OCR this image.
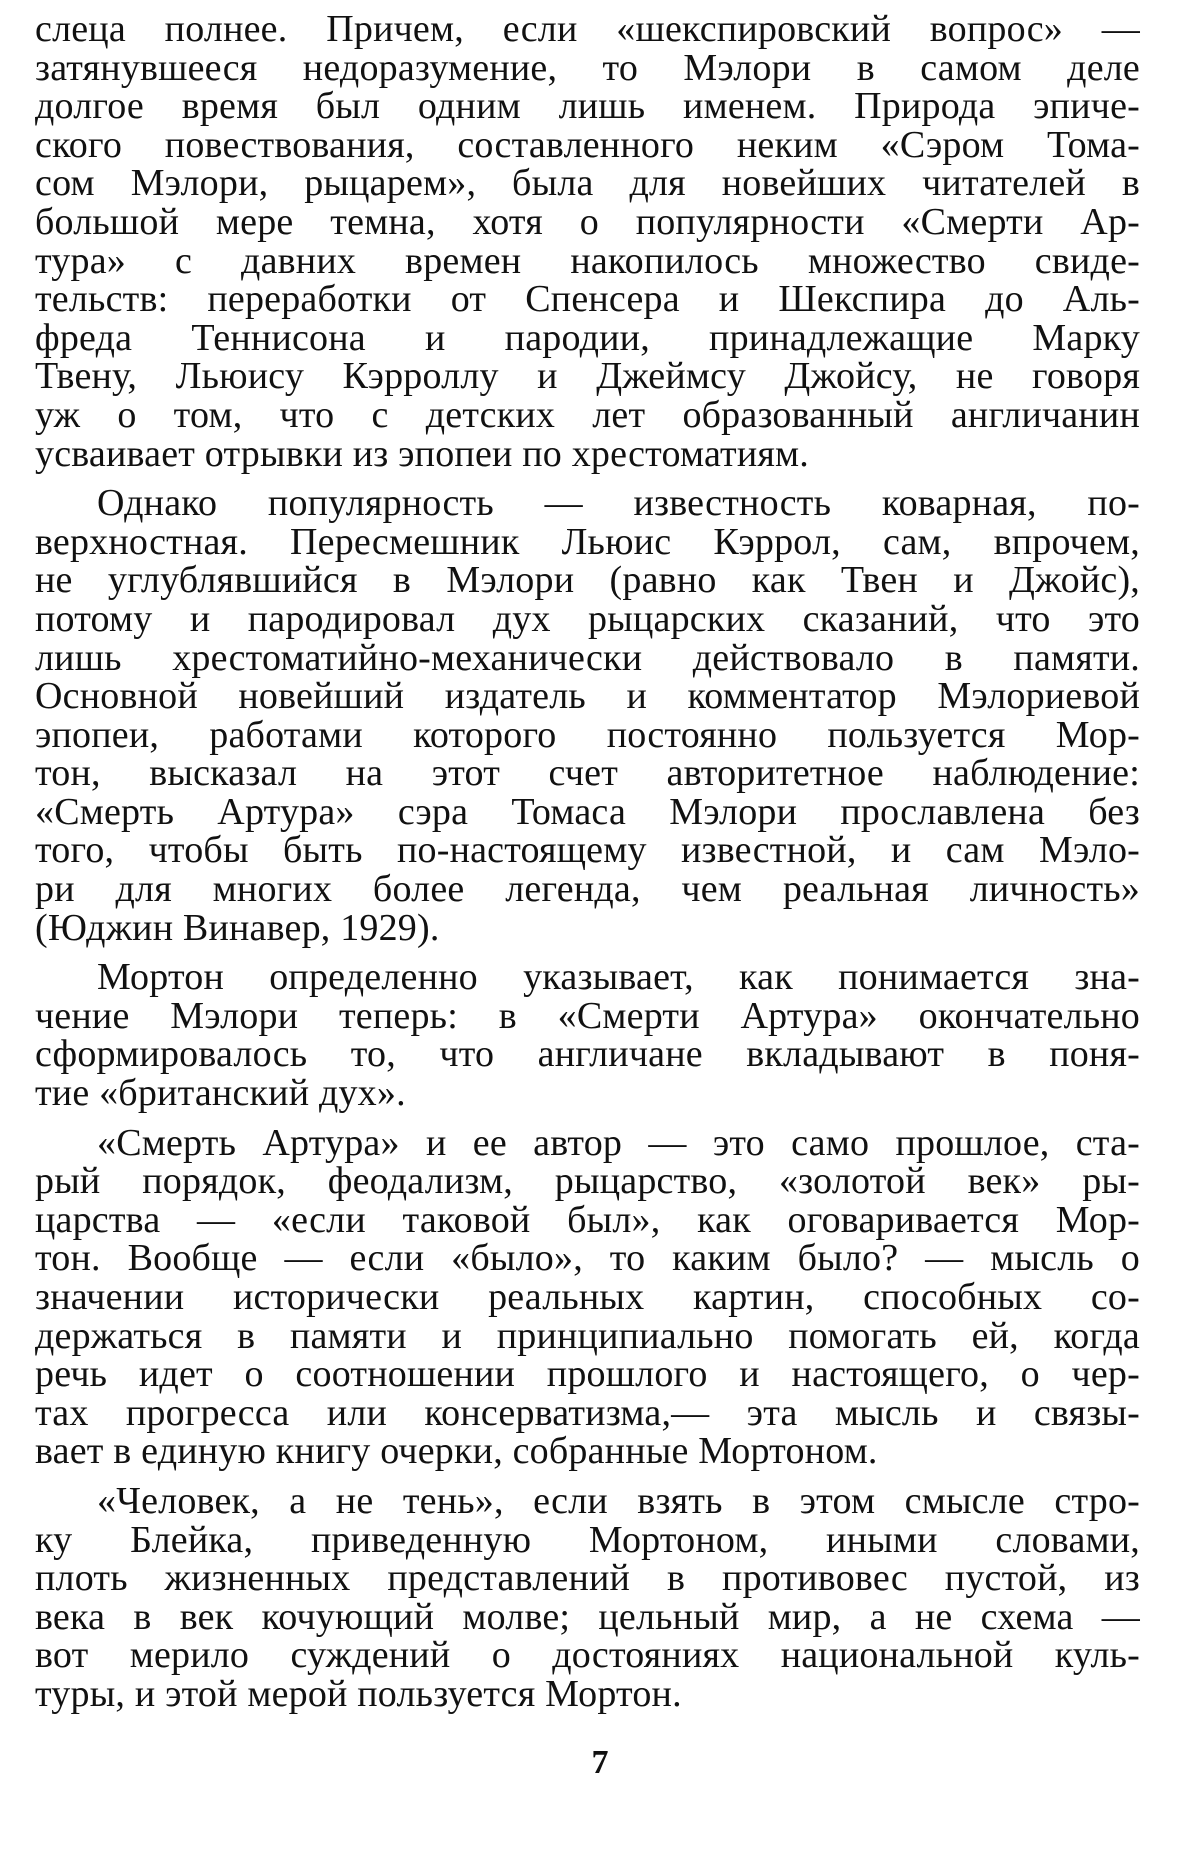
слеца полнее. Причем, если «шекспировский вопрос» —
затянувшееся недоразумение, то Мэлори в самом деле
долгое время был одним лишь именем. Природа эпиче-
ского повествования, составленного неким «Сэром Тома-
сом Мэлори, рыцарем», была для новейших читателей в
большой мере темна, хотя о популярности «Смерти Ар-
тура» с давних времен накопилось множество свиде-
тельств: переработки от Спенсера и Шекспира до Аль-
фреда Теннисона и пародии, принадлежащие Марку
Твену, Льюису Кэрроллу и Джеймсу Джойсу, не говоря
уж о том, что с детских лет образованный англичанин
усваивает отрывки из эпопеи по хрестоматиям.
Однако популярность — известность коварная, по-
верхностная. Пересмешник Льюис Кэррол, сам, впрочем,
не углублявшийся в Мэлори (равно как Твен и Джойс),
потому и пародировал дух рыцарских сказаний, что это
лишь хрестоматийно-механически действовало в памяти.
Основной новейший издатель и комментатор Мэлориевой
эпопеи, работами которого постоянно пользуется Мор-
тон, высказал на этот счет авторитетное наблюдение:
«Смерть Артура» сэра Томаса Мэлори прославлена без
того, чтобы быть по-настоящему известной, и сам Мэло-
ри для многих более легенда, чем реальная личность»
(Юджин Винавер, 1929).
Мортон определенно указывает, как понимается зна-
чение Мэлори теперь: в «Смерти Артура» окончательно
сформировалось то, что англичане вкладывают в поня-
тие «британский дух».
«Смерть Артура» и ее автор — это само прошлое, ста-
рый порядок, феодализм, рыцарство, «золотой век» ры-
царства — «если таковой был», как оговаривается Мор-
тон. Вообще — если «было», то каким было? — мысль о
значении исторически реальных картин, способных со-
держаться в памяти и принципиально помогать ей, когда
речь идет о соотношении прошлого и настоящего, о чер-
тах прогресса или консерватизма,— эта мысль и связы-
вает в единую книгу очерки, собранные Мортоном.
«Человек, а не тень», если взять в этом смысле стро-
ку Блейка, приведенную Мортоном, иными словами,
плоть жизненных представлений в противовес пустой, из
века в век кочующий молве; цельный мир, а не схема —
вот мерило суждений о достояниях национальной куль-
туры, и этой мерой пользуется Мортон.
7
